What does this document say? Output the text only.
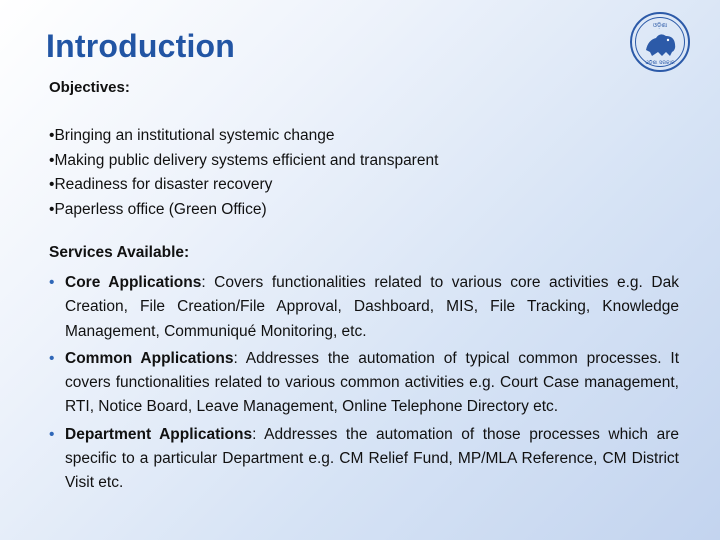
Introduction
ଓଡ଼ିଶା
ଓଡ଼ିଶା ସରକାର
Objectives:
•Bringing an institutional systemic change
•Making public delivery systems efficient and transparent
•Readiness for disaster recovery
•Paperless office (Green Office)
Services Available:
• Core Applications: Covers functionalities related to various core activities e.g. Dak Creation, File Creation/File Approval, Dashboard, MIS, File Tracking, Knowledge Management, Communiqué Monitoring, etc.
• Common Applications: Addresses the automation of typical common processes. It covers functionalities related to various common activities e.g. Court Case management, RTI, Notice Board, Leave Management, Online Telephone Directory etc.
• Department Applications: Addresses the automation of those processes which are specific to a particular Department e.g. CM Relief Fund, MP/MLA Reference, CM District Visit etc.
